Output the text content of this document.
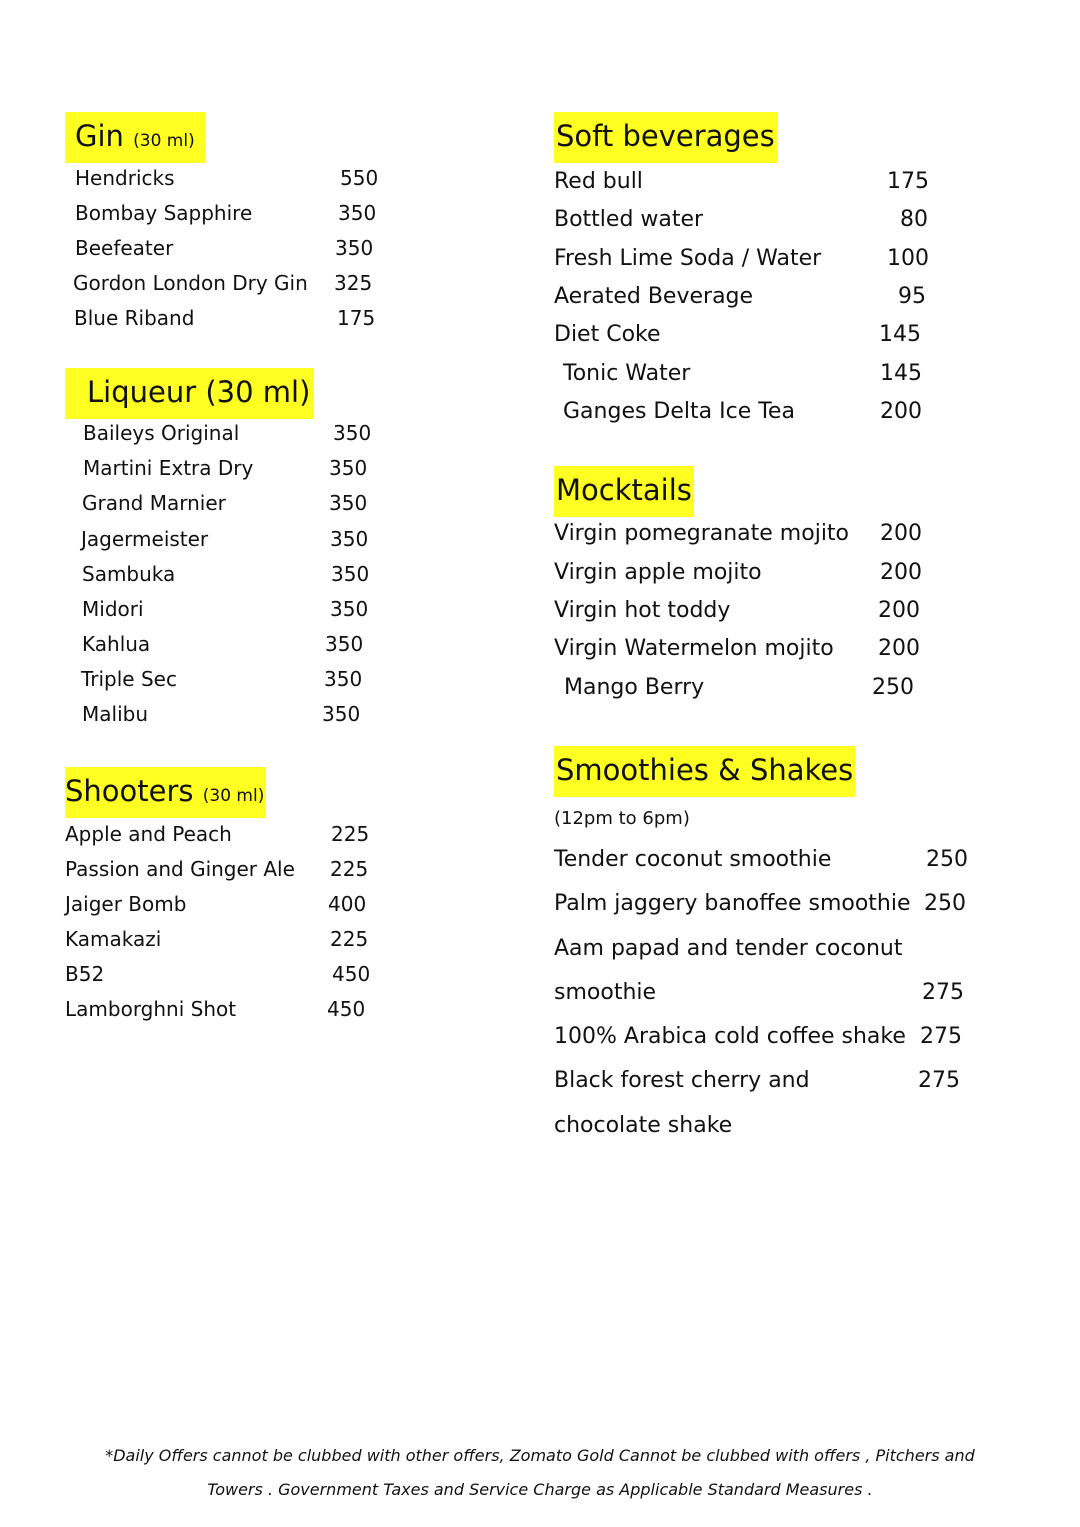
Gin (30 ml)
Hendricks	550
Bombay Sapphire	350
Beefeater	350
Gordon London Dry Gin 325
Blue Riband	175
Liqueur (30 ml)
Baileys Original	350
Martini Extra Dry	350
Grand Marnier	350
Jagermeister	350
Sambuka	350
Midori	350
Kahlua	350
Triple Sec	350
Malibu	350
Shooters (30 ml)
Apple and Peach	225
Passion and Ginger Ale 225
Jaiger Bomb	400
Kamakazi	225
B52	450
Lamborghni Shot	450
Soft beverages
Red bull	175
Bottled water	80
Fresh Lime Soda / Water	100
Aerated Beverage	95
Diet Coke	145
Tonic Water	145
Ganges Delta Ice Tea	200
Mocktails
Virgin pomegranate mojito 200
Virgin apple mojito	200
Virgin hot toddy	200
Virgin Watermelon mojito 200
Mango Berry	250
Smoothies & Shakes
(12pm to 6pm)
Tender coconut smoothie	250
Palm jaggery banoffee smoothie 250
Aam papad and tender coconut
smoothie	275
100% Arabica cold coffee shake 275
Black forest cherry and	275
chocolate shake
*Daily Offers cannot be clubbed with other offers, Zomato Gold Cannot be clubbed with offers , Pitchers and
Towers . Government Taxes and Service Charge as Applicable Standard Measures .
